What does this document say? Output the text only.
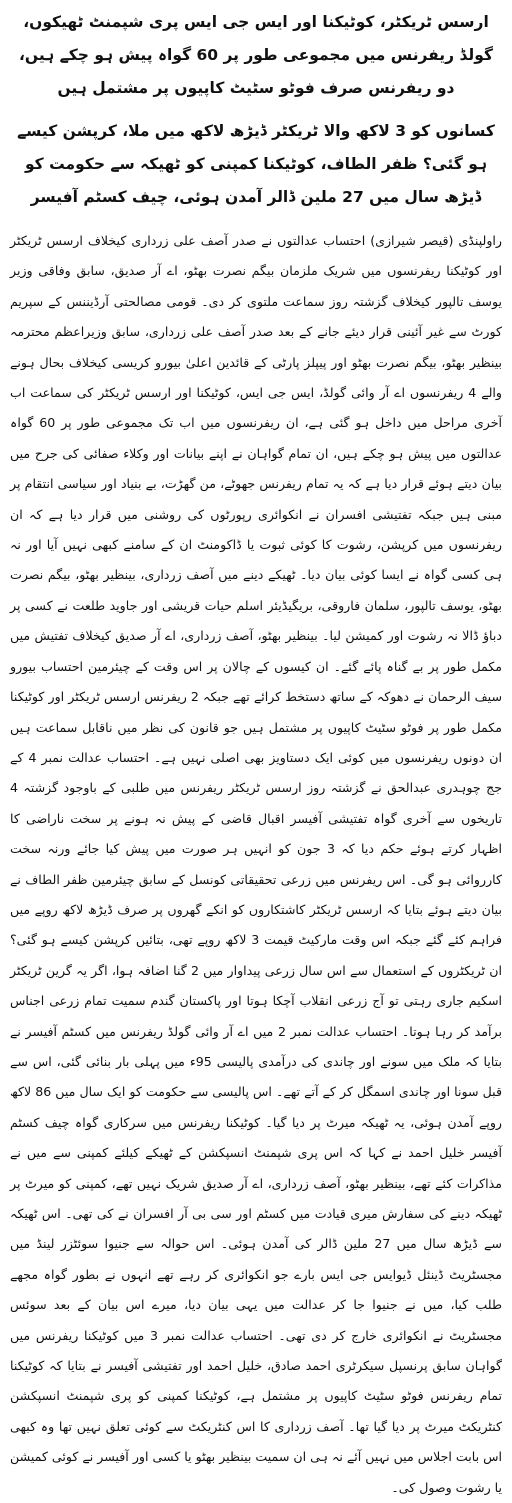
ارسس ٹریکٹر، کوٹیکنا اور ایس جی ایس پری شپمنٹ ٹھیکوں، گولڈ ریفرنس میں مجموعی طور پر 60 گواہ پیش ہو چکے ہیں، دو ریفرنس صرف فوٹو سٹیٹ کاپیوں پر مشتمل ہیں
کسانوں کو 3 لاکھ والا ٹریکٹر ڈیڑھ لاکھ میں ملا، کرپشن کیسے ہو گئی؟ ظفر الطاف، کوٹیکنا کمپنی کو ٹھیکہ سے حکومت کو ڈیڑھ سال میں 27 ملین ڈالر آمدن ہوئی، چیف کسٹم آفیسر

راولپنڈی (قیصر شیرازی) احتساب عدالتوں نے صدر آصف علی زرداری کیخلاف ارسس ٹریکٹر اور کوٹیکنا ریفرنسوں میں شریک ملزمان بیگم نصرت بھٹو، اے آر صدیق، سابق وفاقی وزیر یوسف تالپور کیخلاف گزشتہ روز سماعت ملتوی کر دی۔ قومی مصالحتی آرڈیننس کے سپریم کورٹ سے غیر آئینی قرار دیئے جانے کے بعد صدر آصف علی زرداری، سابق وزیراعظم محترمہ بینظیر بھٹو، بیگم نصرت بھٹو اور پیپلز پارٹی کے قائدین اعلیٰ بیورو کریسی کیخلاف بحال ہونے والے 4 ریفرنسوں اے آر وائی گولڈ، ایس جی ایس، کوٹیکنا اور ارسس ٹریکٹر کی سماعت اب آخری مراحل میں داخل ہو گئی ہے، ان ریفرنسوں میں اب تک مجموعی طور پر 60 گواہ عدالتوں میں پیش ہو چکے ہیں، ان تمام گواہان نے اپنے بیانات اور وکلاء صفائی کی جرح میں بیان دیتے ہوئے قرار دیا ہے کہ یہ تمام ریفرنس جھوٹے، من گھڑت، بے بنیاد اور سیاسی انتقام پر مبنی ہیں جبکہ تفتیشی افسران نے انکوائری رپورٹوں کی روشنی میں قرار دیا ہے کہ ان ریفرنسوں میں کرپشن، رشوت کا کوئی ثبوت یا ڈاکومنٹ ان کے سامنے کبھی نہیں آیا اور نہ ہی کسی گواہ نے ایسا کوئی بیان دیا۔ ٹھیکے دینے میں آصف زرداری، بینظیر بھٹو، بیگم نصرت بھٹو، یوسف تالپور، سلمان فاروقی، بریگیڈیئر اسلم حیات قریشی اور جاوید طلعت نے کسی پر دباؤ ڈالا نہ رشوت اور کمیشن لیا۔ بینظیر بھٹو، آصف زرداری، اے آر صدیق کیخلاف تفتیش میں مکمل طور پر بے گناہ پائے گئے۔ ان کیسوں کے چالان پر اس وقت کے چیئرمین احتساب بیورو سیف الرحمان نے دھوکہ کے ساتھ دستخط کرائے تھے جبکہ 2 ریفرنس ارسس ٹریکٹر اور کوٹیکنا مکمل طور پر فوٹو سٹیٹ کاپیوں پر مشتمل ہیں جو قانون کی نظر میں ناقابل سماعت ہیں ان دونوں ریفرنسوں میں کوئی ایک دستاویز بھی اصلی نہیں ہے۔ احتساب عدالت نمبر 4 کے جج چوہدری عبدالحق نے گزشتہ روز ارسس ٹریکٹر ریفرنس میں طلبی کے باوجود گزشتہ 4 تاریخوں سے آخری گواہ تفتیشی آفیسر اقبال قاضی کے پیش نہ ہونے پر سخت ناراضی کا اظہار کرتے ہوئے حکم دیا کہ 3 جون کو انہیں ہر صورت میں پیش کیا جائے ورنہ سخت کارروائی ہو گی۔ اس ریفرنس میں زرعی تحقیقاتی کونسل کے سابق چیئرمین ظفر الطاف نے بیان دیتے ہوئے بتایا کہ ارسس ٹریکٹر کاشتکاروں کو انکے گھروں پر صرف ڈیڑھ لاکھ روپے میں فراہم کئے گئے جبکہ اس وقت مارکیٹ قیمت 3 لاکھ روپے تھی، بتائیں کرپشن کیسے ہو گئی؟ ان ٹریکٹروں کے استعمال سے اس سال زرعی پیداوار میں 2 گنا اضافہ ہوا، اگر یہ گرین ٹریکٹر اسکیم جاری رہتی تو آج زرعی انقلاب آچکا ہوتا اور پاکستان گندم سمیت تمام زرعی اجناس برآمد کر رہا ہوتا۔ احتساب عدالت نمبر 2 میں اے آر وائی گولڈ ریفرنس میں کسٹم آفیسر نے بتایا کہ ملک میں سونے اور چاندی کی درآمدی پالیسی 95ء میں پہلی بار بنائی گئی، اس سے قبل سونا اور چاندی اسمگل کر کے آتے تھے۔ اس پالیسی سے حکومت کو ایک سال میں 86 لاکھ روپے آمدن ہوئی، یہ ٹھیکہ میرٹ پر دیا گیا۔ کوٹیکنا ریفرنس میں سرکاری گواہ چیف کسٹم آفیسر خلیل احمد نے کہا کہ اس پری شپمنٹ انسپکشن کے ٹھیکے کیلئے کمپنی سے میں نے مذاکرات کئے تھے، بینظیر بھٹو، آصف زرداری، اے آر صدیق شریک نہیں تھے، کمپنی کو میرٹ پر ٹھیکہ دینے کی سفارش میری قیادت میں کسٹم اور سی بی آر افسران نے کی تھی۔ اس ٹھیکہ سے ڈیڑھ سال میں 27 ملین ڈالر کی آمدن ہوئی۔ اس حوالہ سے جنیوا سوئٹزر لینڈ میں مجسٹریٹ ڈینئل ڈیوایس جی ایس بارے جو انکوائری کر رہے تھے انہوں نے بطور گواہ مجھے طلب کیا، میں نے جنیوا جا کر عدالت میں یہی بیان دیا، میرے اس بیان کے بعد سوئس مجسٹریٹ نے انکوائری خارج کر دی تھی۔ احتساب عدالت نمبر 3 میں کوٹیکنا ریفرنس میں گواہان سابق پرنسپل سیکرٹری احمد صادق، خلیل احمد اور تفتیشی آفیسر نے بتایا کہ کوٹیکنا تمام ریفرنس فوٹو سٹیٹ کاپیوں پر مشتمل ہے، کوٹیکنا کمپنی کو پری شپمنٹ انسپکشن کنٹریکٹ میرٹ پر دیا گیا تھا۔ آصف زرداری کا اس کنٹریکٹ سے کوئی تعلق نہیں تھا وہ کبھی اس بابت اجلاس میں نہیں آئے نہ ہی ان سمیت بینظیر بھٹو یا کسی اور آفیسر نے کوئی کمیشن یا رشوت وصول کی۔
